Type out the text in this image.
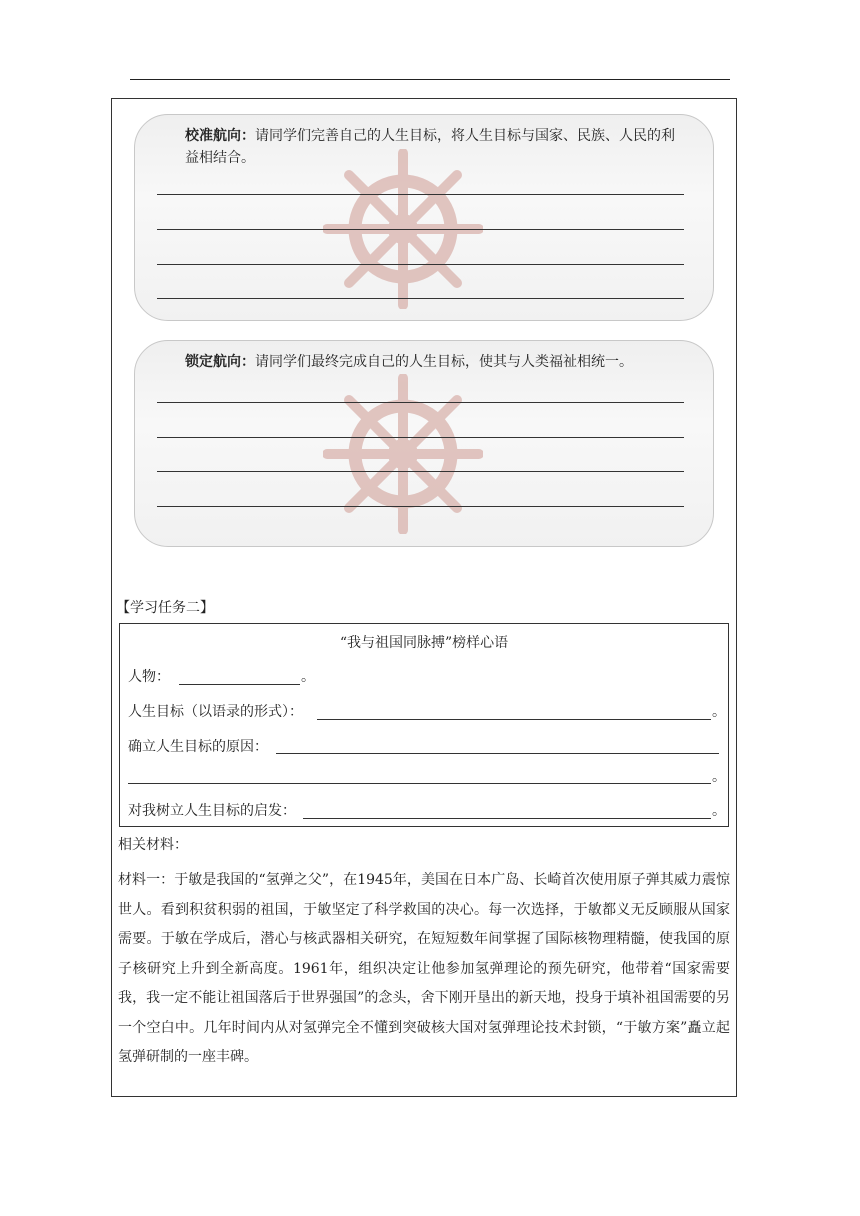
校准航向：请同学们完善自己的人生目标，将人生目标与国家、民族、人民的利益相结合。
锁定航向：请同学们最终完成自己的人生目标，使其与人类福祉相统一。
【学习任务二】
“我与祖国同脉搏”榜样心语
人物：	。
人生目标（以语录的形式）：	。
确立人生目标的原因：
。
对我树立人生目标的启发：	。
相关材料：
材料一：于敏是我国的“氢弹之父”，在1945年，美国在日本广岛、长崎首次使用原子弹其威力震惊世人。看到积贫积弱的祖国，于敏坚定了科学救国的决心。每一次选择，于敏都义无反顾服从国家需要。于敏在学成后，潜心与核武器相关研究，在短短数年间掌握了国际核物理精髓，使我国的原子核研究上升到全新高度。1961年，组织决定让他参加氢弹理论的预先研究，他带着“国家需要我，我一定不能让祖国落后于世界强国”的念头，舍下刚开垦出的新天地，投身于填补祖国需要的另一个空白中。几年时间内从对氢弹完全不懂到突破核大国对氢弹理论技术封锁，“于敏方案”矗立起氢弹研制的一座丰碑。
